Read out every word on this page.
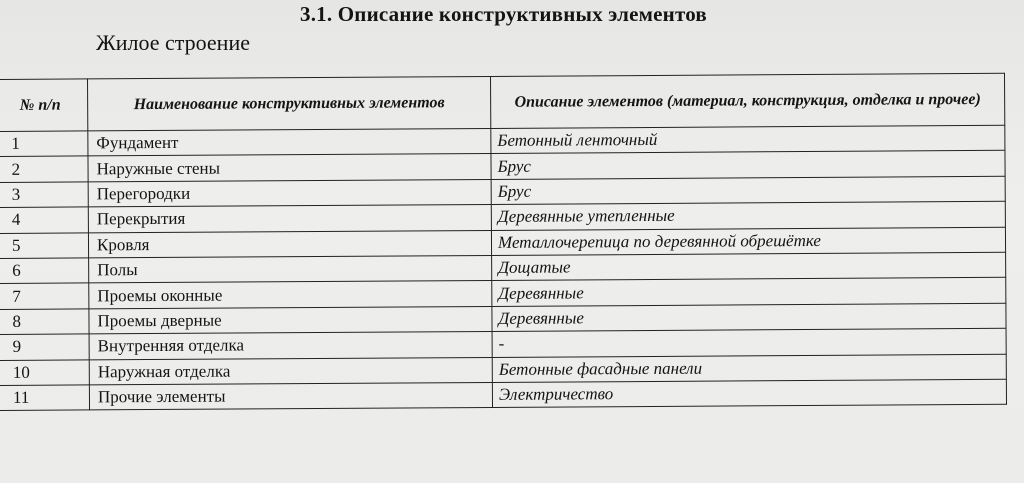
3.1. Описание конструктивных элементов
Жилое строение
№ п/п	Наименование конструктивных элементов	Описание элементов (материал, конструкция, отделка и прочее)
1	Фундамент	Бетонный ленточный
2	Наружные стены	Брус
3	Перегородки	Брус
4	Перекрытия	Деревянные утепленные
5	Кровля	Металлочерепица по деревянной обрешётке
6	Полы	Дощатые
7	Проемы оконные	Деревянные
8	Проемы дверные	Деревянные
9	Внутренняя отделка	-
10	Наружная отделка	Бетонные фасадные панели
11	Прочие элементы	Электричество
